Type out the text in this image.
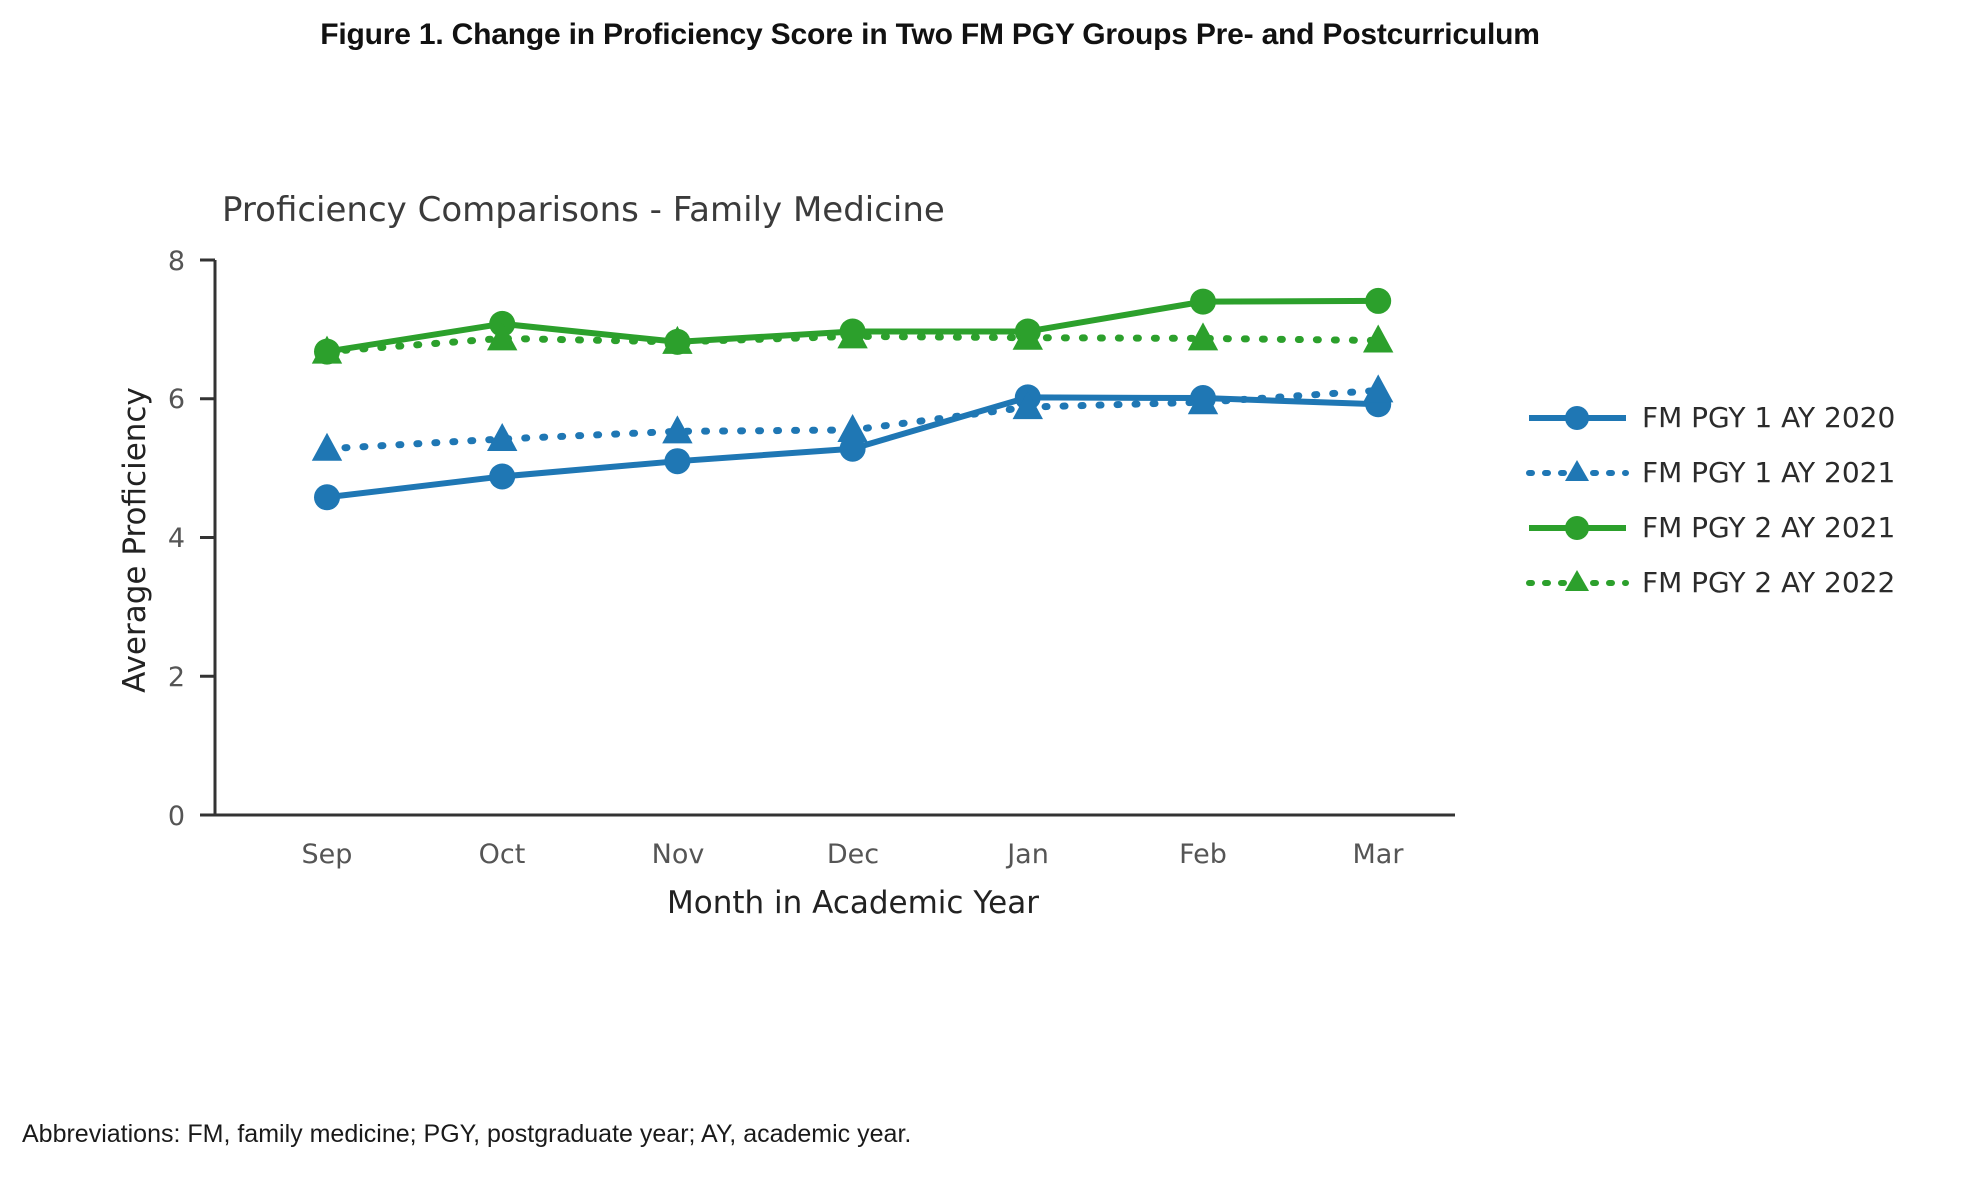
Figure 1. Change in Proficiency Score in Two FM PGY Groups Pre- and Postcurriculum
Proficiency Comparisons - Family Medicine
8
6
4
2
0
Sep	Oct	Nov	Dec	Jan	Feb	Mar
Month in Academic Year
Average Proficiency	FM PGY 1 AY 2020
FM PGY 1 AY 2021
FM PGY 2 AY 2021
FM PGY 2 AY 2022
Abbreviations: FM, family medicine; PGY, postgraduate year; AY, academic year.
